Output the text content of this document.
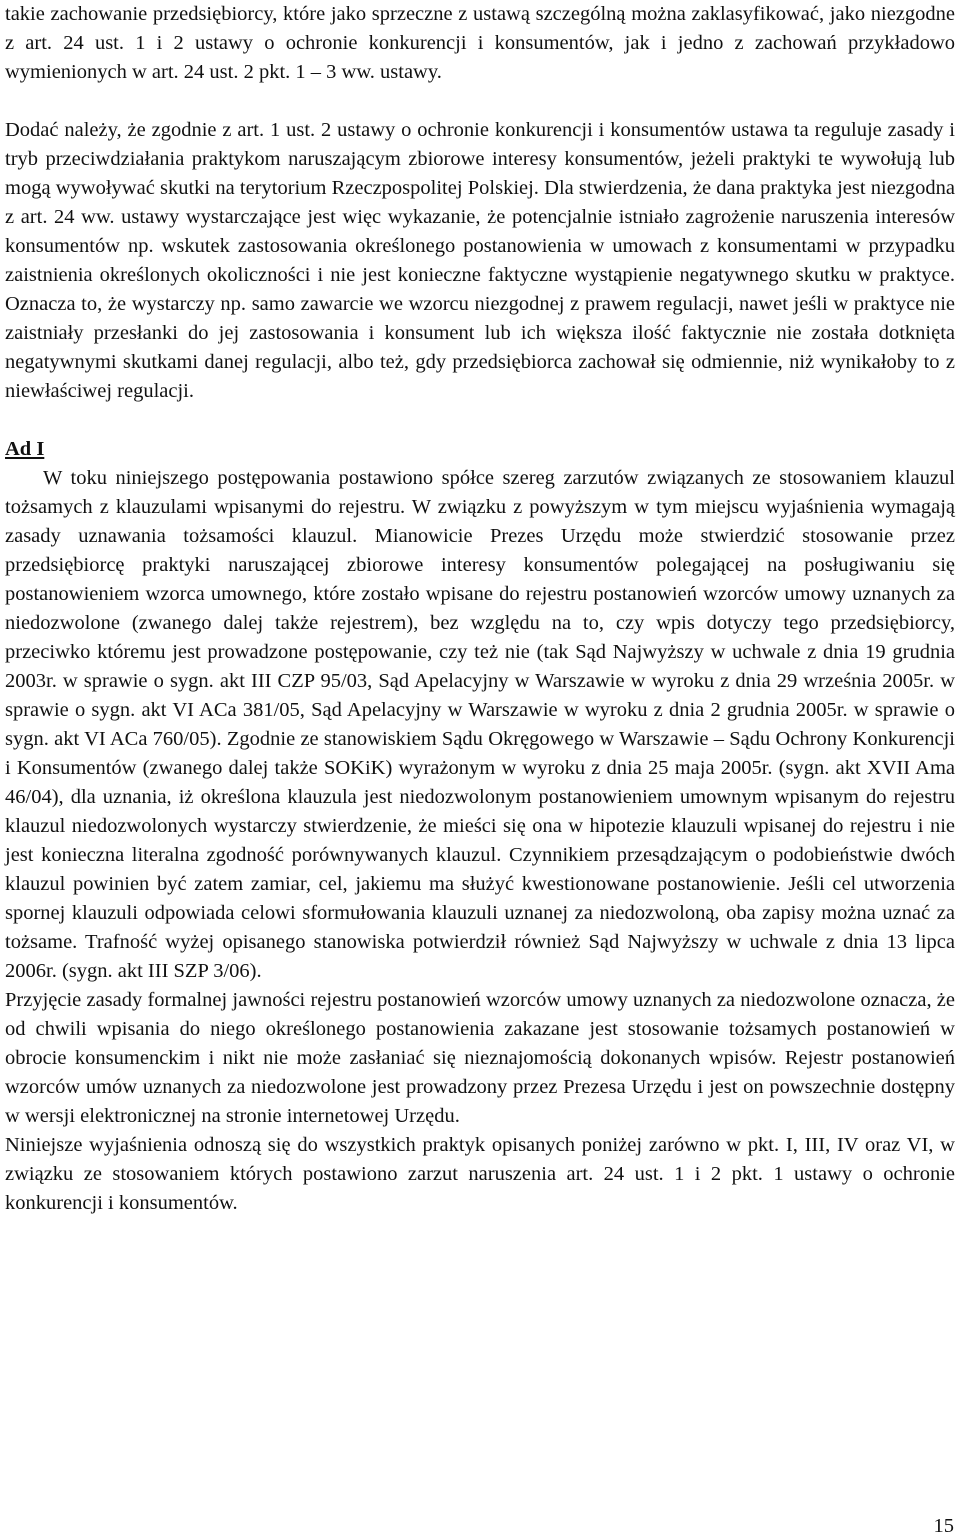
takie zachowanie przedsiębiorcy, które jako sprzeczne z ustawą szczególną można zaklasyfikować, jako niezgodne z art. 24 ust. 1 i 2 ustawy o ochronie konkurencji i konsumentów, jak i jedno z zachowań przykładowo wymienionych w art. 24 ust. 2 pkt. 1 – 3 ww. ustawy.

Dodać należy, że zgodnie z art. 1 ust. 2 ustawy o ochronie konkurencji i konsumentów ustawa ta reguluje zasady i tryb przeciwdziałania praktykom naruszającym zbiorowe interesy konsumentów, jeżeli praktyki te wywołują lub mogą wywoływać skutki na terytorium Rzeczpospolitej Polskiej. Dla stwierdzenia, że dana praktyka jest niezgodna z art. 24 ww. ustawy wystarczające jest więc wykazanie, że potencjalnie istniało zagrożenie naruszenia interesów konsumentów np. wskutek zastosowania określonego postanowienia w umowach z konsumentami w przypadku zaistnienia określonych okoliczności i nie jest konieczne faktyczne wystąpienie negatywnego skutku w praktyce. Oznacza to, że wystarczy np. samo zawarcie we wzorcu niezgodnej z prawem regulacji, nawet jeśli w praktyce nie zaistniały przesłanki do jej zastosowania i konsument lub ich większa ilość faktycznie nie została dotknięta negatywnymi skutkami danej regulacji, albo też, gdy przedsiębiorca zachował się odmiennie, niż wynikałoby to z niewłaściwej regulacji.

Ad I

W toku niniejszego postępowania postawiono spółce szereg zarzutów związanych ze stosowaniem klauzul tożsamych z klauzulami wpisanymi do rejestru. W związku z powyższym w tym miejscu wyjaśnienia wymagają zasady uznawania tożsamości klauzul. Mianowicie Prezes Urzędu może stwierdzić stosowanie przez przedsiębiorcę praktyki naruszającej zbiorowe interesy konsumentów polegającej na posługiwaniu się postanowieniem wzorca umownego, które zostało wpisane do rejestru postanowień wzorców umowy uznanych za niedozwolone (zwanego dalej także rejestrem), bez względu na to, czy wpis dotyczy tego przedsiębiorcy, przeciwko któremu jest prowadzone postępowanie, czy też nie (tak Sąd Najwyższy w uchwale z dnia 19 grudnia 2003r. w sprawie o sygn. akt III CZP 95/03, Sąd Apelacyjny w Warszawie w wyroku z dnia 29 września 2005r. w sprawie o sygn. akt VI ACa 381/05, Sąd Apelacyjny w Warszawie w wyroku z dnia 2 grudnia 2005r. w sprawie o sygn. akt VI ACa 760/05). Zgodnie ze stanowiskiem Sądu Okręgowego w Warszawie – Sądu Ochrony Konkurencji i Konsumentów (zwanego dalej także SOKiK) wyrażonym w wyroku z dnia 25 maja 2005r. (sygn. akt XVII Ama 46/04), dla uznania, iż określona klauzula jest niedozwolonym postanowieniem umownym wpisanym do rejestru klauzul niedozwolonych wystarczy stwierdzenie, że mieści się ona w hipotezie klauzuli wpisanej do rejestru i nie jest konieczna literalna zgodność porównywanych klauzul. Czynnikiem przesądzającym o podobieństwie dwóch klauzul powinien być zatem zamiar, cel, jakiemu ma służyć kwestionowane postanowienie. Jeśli cel utworzenia spornej klauzuli odpowiada celowi sformułowania klauzuli uznanej za niedozwoloną, oba zapisy można uznać za tożsame. Trafność wyżej opisanego stanowiska potwierdził również Sąd Najwyższy w uchwale z dnia 13 lipca 2006r. (sygn. akt III SZP 3/06).

Przyjęcie zasady formalnej jawności rejestru postanowień wzorców umowy uznanych za niedozwolone oznacza, że od chwili wpisania do niego określonego postanowienia zakazane jest stosowanie tożsamych postanowień w obrocie konsumenckim i nikt nie może zasłaniać się nieznajomością dokonanych wpisów. Rejestr postanowień wzorców umów uznanych za niedozwolone jest prowadzony przez Prezesa Urzędu i jest on powszechnie dostępny w wersji elektronicznej na stronie internetowej Urzędu.

Niniejsze wyjaśnienia odnoszą się do wszystkich praktyk opisanych poniżej zarówno w pkt. I, III, IV oraz VI, w związku ze stosowaniem których postawiono zarzut naruszenia art. 24 ust. 1 i 2 pkt. 1 ustawy o ochronie konkurencji i konsumentów.

15
